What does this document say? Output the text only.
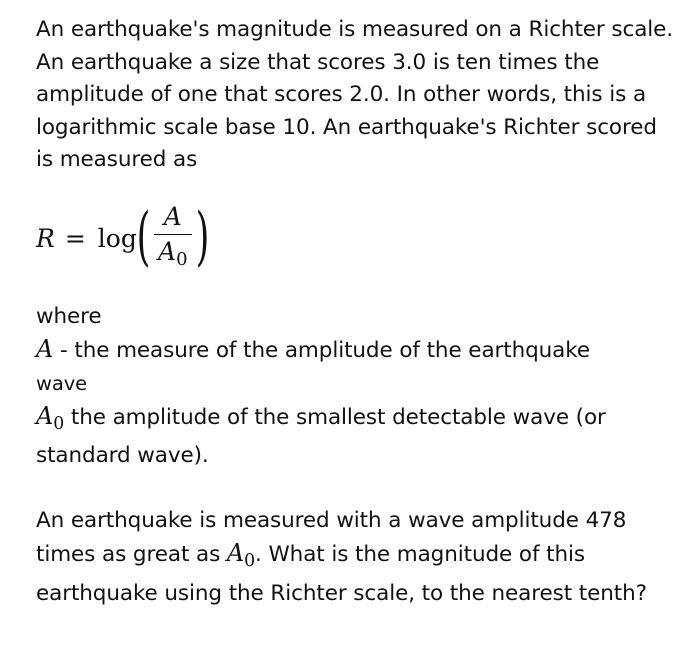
An earthquake's magnitude is measured on a Richter scale. An earthquake a size that scores 3.0 is ten times the amplitude of one that scores 2.0. In other words, this is a logarithmic scale base 10. An earthquake's Richter scored is measured as

R = log ( $\frac{A}{A_0}$ )

where

A - the measure of the amplitude of the earthquake

wave

$A_0$ the amplitude of the smallest detectable wave (or standard wave).

An earthquake is measured with a wave amplitude 478 times as great as $A_0$. What is the magnitude of this earthquake using the Richter scale, to the nearest tenth?
